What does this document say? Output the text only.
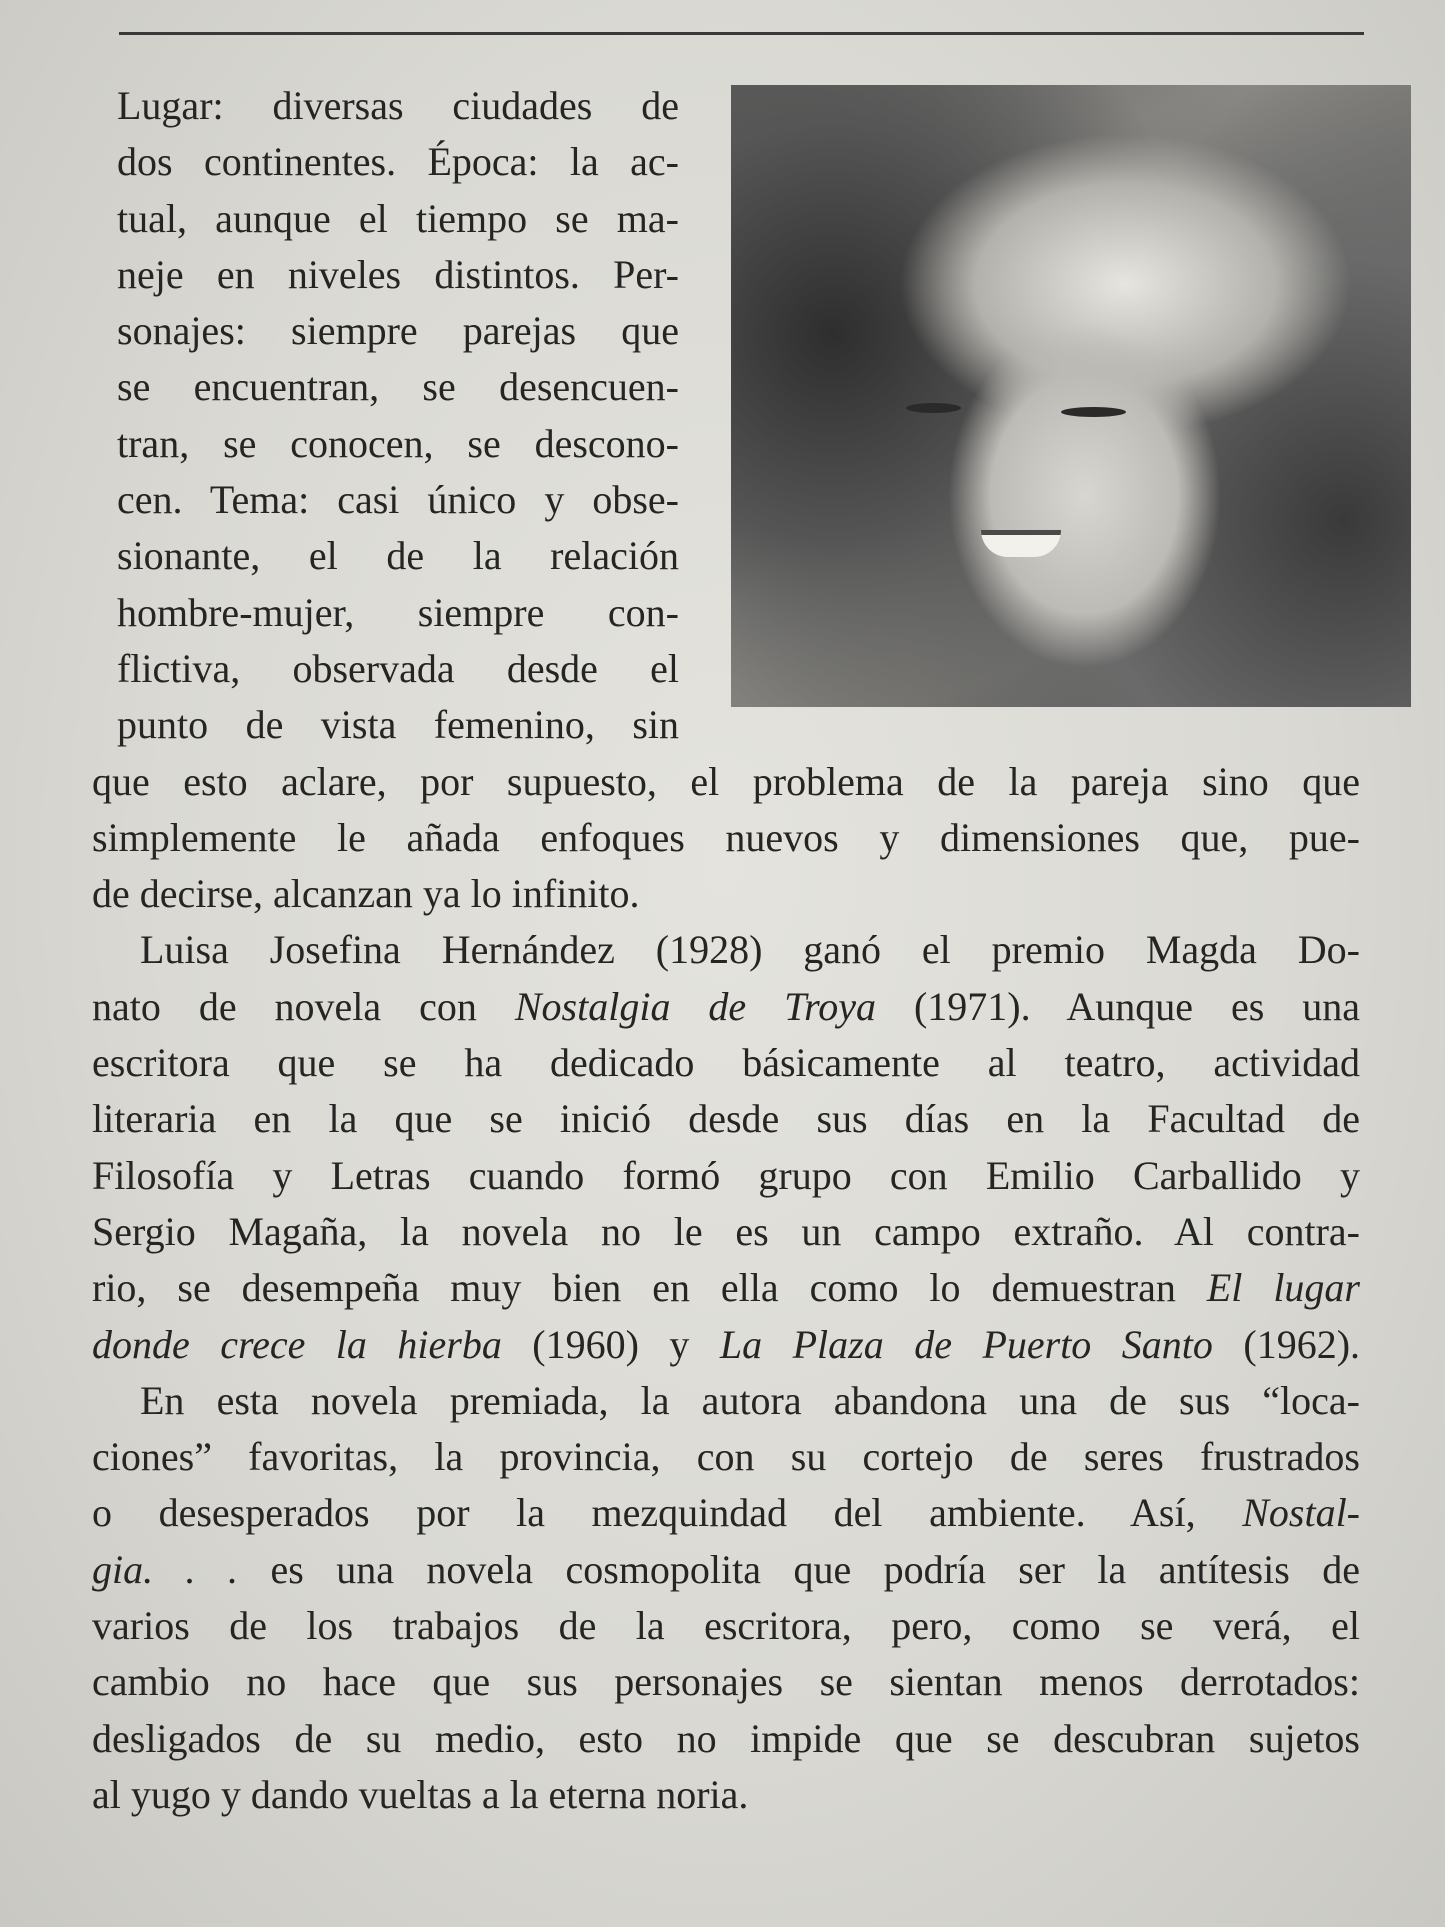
Lugar: diversas ciudades de
dos continentes. Época: la ac-
tual, aunque el tiempo se ma-
neje en niveles distintos. Per-
sonajes: siempre parejas que
se encuentran, se desencuen-
tran, se conocen, se descono-
cen. Tema: casi único y obse-
sionante, el de la relación
hombre-mujer, siempre con-
flictiva, observada desde el
punto de vista femenino, sin
que esto aclare, por supuesto, el problema de la pareja sino que
simplemente le añada enfoques nuevos y dimensiones que, pue-
de decirse, alcanzan ya lo infinito.
Luisa Josefina Hernández (1928) ganó el premio Magda Do-
nato de novela con Nostalgia de Troya (1971). Aunque es una
escritora que se ha dedicado básicamente al teatro, actividad
literaria en la que se inició desde sus días en la Facultad de
Filosofía y Letras cuando formó grupo con Emilio Carballido y
Sergio Magaña, la novela no le es un campo extraño. Al contra-
rio, se desempeña muy bien en ella como lo demuestran El lugar
donde crece la hierba (1960) y La Plaza de Puerto Santo (1962).
En esta novela premiada, la autora abandona una de sus “loca-
ciones” favoritas, la provincia, con su cortejo de seres frustrados
o desesperados por la mezquindad del ambiente. Así, Nostal-
gia. . . es una novela cosmopolita que podría ser la antítesis de
varios de los trabajos de la escritora, pero, como se verá, el
cambio no hace que sus personajes se sientan menos derrotados:
desligados de su medio, esto no impide que se descubran sujetos
al yugo y dando vueltas a la eterna noria.
